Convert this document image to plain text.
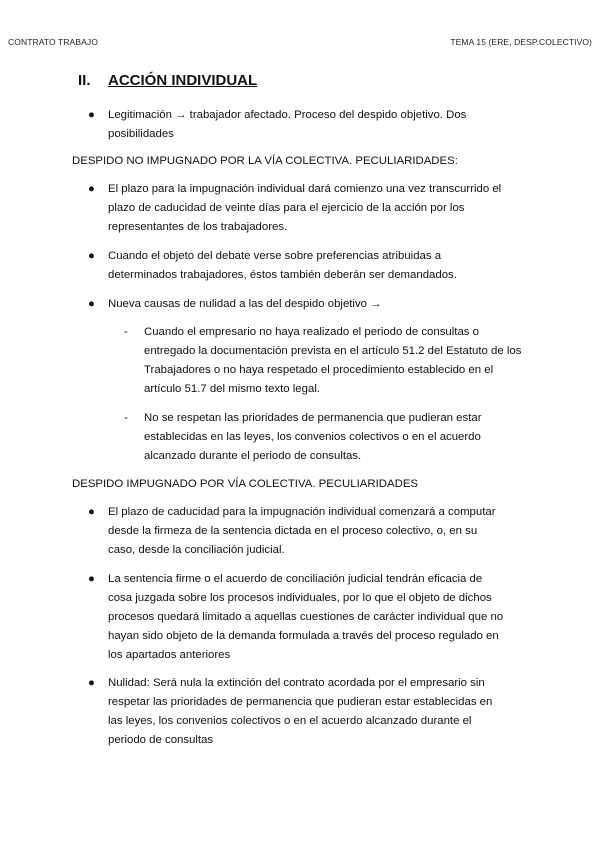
CONTRATO TRABAJO	TEMA 15 (ERE, DESP.COLECTIVO)
II.	ACCIÓN INDIVIDUAL
●	Legitimación → trabajador afectado. Proceso del despido objetivo. Dos posibilidades
DESPIDO NO IMPUGNADO POR LA VÍA COLECTIVA. PECULIARIDADES:
●	El plazo para la impugnación individual dará comienzo una vez transcurrido el plazo de caducidad de veinte días para el ejercicio de la acción por los representantes de los trabajadores.
●	Cuando el objeto del debate verse sobre preferencias atribuidas a determinados trabajadores, éstos también deberán ser demandados.
●	Nueva causas de nulidad a las del despido objetivo →
-	Cuando el empresario no haya realizado el periodo de consultas o entregado la documentación prevista en el artículo 51.2 del Estatuto de los Trabajadores o no haya respetado el procedimiento establecido en el artículo 51.7 del mismo texto legal.
-	No se respetan las prioridades de permanencia que pudieran estar establecidas en las leyes, los convenios colectivos o en el acuerdo alcanzado durante el periodo de consultas.
DESPIDO IMPUGNADO POR VÍA COLECTIVA. PECULIARIDADES
●	El plazo de caducidad para la impugnación individual comenzará a computar desde la firmeza de la sentencia dictada en el proceso colectivo, o, en su caso, desde la conciliación judicial.
●	La sentencia firme o el acuerdo de conciliación judicial tendrán eficacia de cosa juzgada sobre los procesos individuales, por lo que el objeto de dichos procesos quedará limitado a aquellas cuestiones de carácter individual que no hayan sido objeto de la demanda formulada a través del proceso regulado en los apartados anteriores
●	Nulidad: Será nula la extinción del contrato acordada por el empresario sin respetar las prioridades de permanencia que pudieran estar establecidas en las leyes, los convenios colectivos o en el acuerdo alcanzado durante el periodo de consultas
